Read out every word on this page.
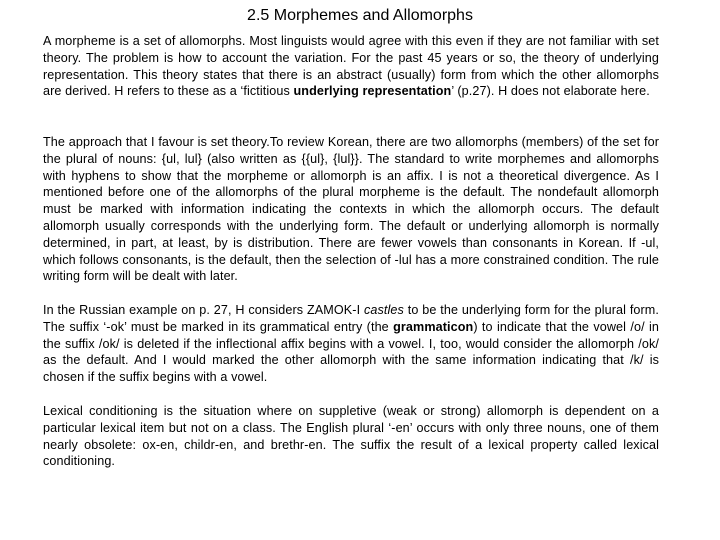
2.5 Morphemes and Allomorphs

A morpheme is a set of allomorphs. Most linguists would agree with this even if they are not familiar with set theory. The problem is how to account the variation. For the past 45 years or so, the theory of underlying representation. This theory states that there is an abstract (usually) form from which the other allomorphs are derived. H refers to these as a ‘fictitious underlying representation’ (p.27). H does not elaborate here.

The approach that I favour is set theory.To review Korean, there are two allomorphs (members) of the set for the plural of nouns: {ul, lul} (also written as {{ul}, {lul}}. The standard to write morphemes and allomorphs with hyphens to show that the morpheme or allomorph is an affix. I is not a theoretical divergence. As I mentioned before one of the allomorphs of the plural morpheme is the default. The nondefault allomorph must be marked with information indicating the contexts in which the allomorph occurs. The default allomorph usually corresponds with the underlying form. The default or underlying allomorph is normally determined, in part, at least, by is distribution. There are fewer vowels than consonants in Korean. If -ul, which follows consonants, is the default, then the selection of -lul has a more constrained condition. The rule writing form will be dealt with later.

In the Russian example on p. 27, H considers ZAMOK-I castles to be the underlying form for the plural form. The suffix ‘-ok’ must be marked in its grammatical entry (the grammaticon) to indicate that the vowel /o/ in the suffix /ok/ is deleted if the inflectional affix begins with a vowel. I, too, would consider the allomorph /ok/ as the default. And I would marked the other allomorph with the same information indicating that /k/ is chosen if the suffix begins with a vowel.

Lexical conditioning is the situation where on suppletive (weak or strong) allomorph is dependent on a particular lexical item but not on a class. The English plural ‘-en’ occurs with only three nouns, one of them nearly obsolete: ox-en, childr-en, and brethr-en. The suffix the result of a lexical property called lexical conditioning.
